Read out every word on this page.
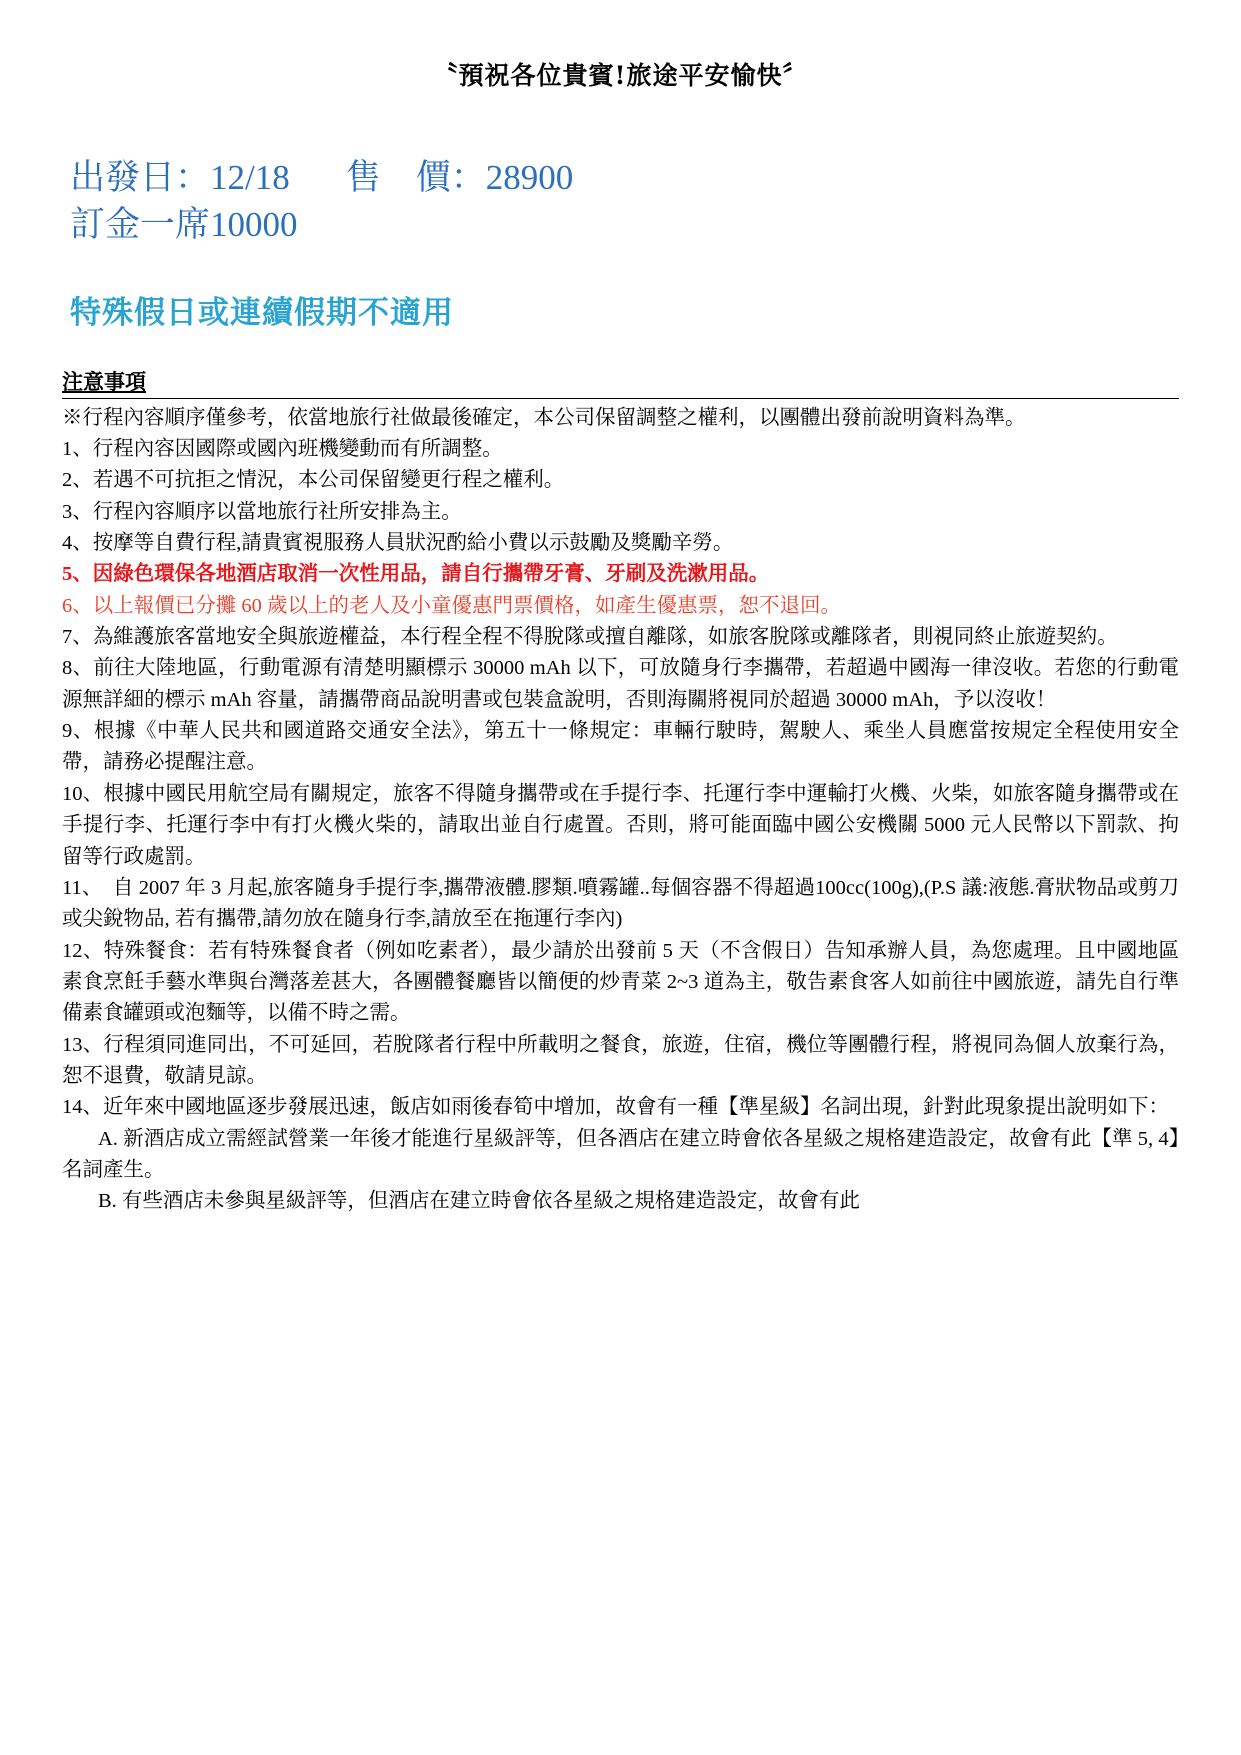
〝預祝各位貴賓!旅途平安愉快〞
出發日：12/18 售　價：28900
訂金一席10000
特殊假日或連續假期不適用
注意事項

※行程內容順序僅參考，依當地旅行社做最後確定，本公司保留調整之權利，以團體出發前說明資料為準。

1、行程內容因國際或國內班機變動而有所調整。

2、若遇不可抗拒之情況，本公司保留變更行程之權利。

3、行程內容順序以當地旅行社所安排為主。

4、按摩等自費行程,請貴賓視服務人員狀況酌給小費以示鼓勵及獎勵辛勞。

5、因綠色環保各地酒店取消一次性用品，請自行攜帶牙膏、牙刷及洗漱用品。

6、以上報價已分攤 60 歲以上的老人及小童優惠門票價格，如產生優惠票，恕不退回。

7、為維護旅客當地安全與旅遊權益，本行程全程不得脫隊或擅自離隊，如旅客脫隊或離隊者，則視同終止旅遊契約。

8、前往大陸地區，行動電源有清楚明顯標示 30000 mAh 以下，可放隨身行李攜帶，若超過中國海一律沒收。若您的行動電源無詳細的標示 mAh 容量，請攜帶商品說明書或包裝盒說明，否則海關將視同於超過 30000 mAh，予以沒收！

9、根據《中華人民共和國道路交通安全法》，第五十一條規定：車輛行駛時，駕駛人、乘坐人員應當按規定全程使用安全帶，請務必提醒注意。

10、根據中國民用航空局有關規定，旅客不得隨身攜帶或在手提行李、托運行李中運輸打火機、火柴，如旅客隨身攜帶或在手提行李、托運行李中有打火機火柴的，請取出並自行處置。否則，將可能面臨中國公安機關 5000 元人民幣以下罰款、拘留等行政處罰。

11、　自 2007 年 3 月起,旅客隨身手提行李,攜帶液體.膠類.噴霧罐..每個容器不得超過100cc(100g),(P.S 議:液態.膏狀物品或剪刀或尖銳物品, 若有攜帶,請勿放在隨身行李,請放至在拖運行李內)

12、特殊餐食：若有特殊餐食者（例如吃素者），最少請於出發前 5 天（不含假日）告知承辦人員，為您處理。且中國地區素食烹飪手藝水準與台灣落差甚大，各團體餐廳皆以簡便的炒青菜 2~3 道為主，敬告素食客人如前往中國旅遊，請先自行準備素食罐頭或泡麵等，以備不時之需。

13、行程須同進同出，不可延回，若脫隊者行程中所載明之餐食，旅遊，住宿，機位等團體行程，將視同為個人放棄行為，恕不退費，敬請見諒。

14、近年來中國地區逐步發展迅速，飯店如雨後春筍中增加，故會有一種【準星級】名詞出現，針對此現象提出說明如下：

A. 新酒店成立需經試營業一年後才能進行星級評等，但各酒店在建立時會依各星級之規格建造設定，故會有此【準 5, 4】名詞產生。

B. 有些酒店未參與星級評等，但酒店在建立時會依各星級之規格建造設定，故會有此
